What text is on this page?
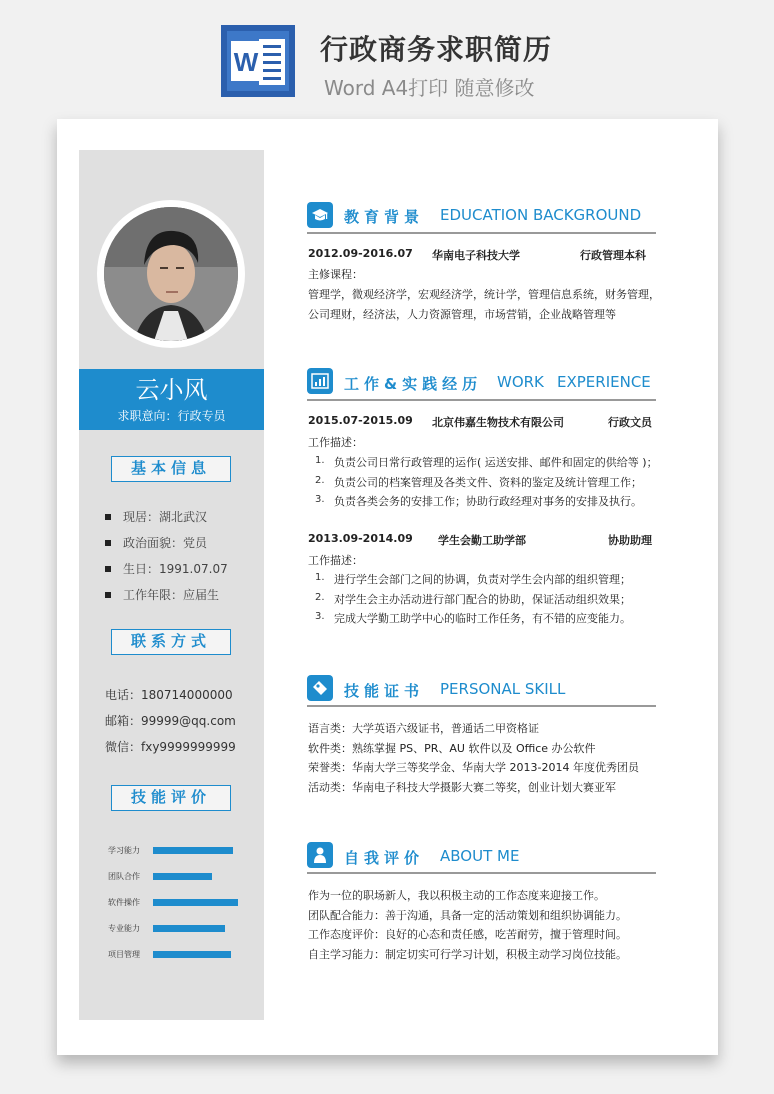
W 行政商务求职简历
Word A4打印 随意修改
云小风
求职意向：行政专员
基本信息
现居：湖北武汉
政治面貌：党员
生日：1991.07.07
工作年限：应届生
联系方式
电话：180714000000
邮箱：99999@qq.com
微信：fxy9999999999
技能评价
学习能力
团队合作
软件操作
专业能力
项目管理
教育背景 EDUCATION BACKGROUND
2012.09-2016.07 华南电子科技大学	行政管理本科
主修课程：
管理学，微观经济学，宏观经济学，统计学，管理信息系统，财务管理，
公司理财，经济法，人力资源管理，市场营销，企业战略管理等
工作&实践经历 WORK EXPERIENCE
2015.07-2015.09 北京伟嘉生物技术有限公司	行政文员
工作描述：
1. 负责公司日常行政管理的运作( 运送安排、邮件和固定的供给等 )；
2. 负责公司的档案管理及各类文件、资料的鉴定及统计管理工作；
3. 负责各类会务的安排工作；协助行政经理对事务的安排及执行。
2013.09-2014.09 学生会勤工助学部	协助助理
工作描述：
1. 进行学生会部门之间的协调，负责对学生会内部的组织管理；
2. 对学生会主办活动进行部门配合的协助，保证活动组织效果；
3. 完成大学勤工助学中心的临时工作任务，有不错的应变能力。
技能证书 PERSONAL SKILL
语言类：大学英语六级证书，普通话二甲资格证
软件类：熟练掌握 PS、PR、AU 软件以及 Office 办公软件
荣誉类：华南大学三等奖学金、华南大学 2013-2014 年度优秀团员
活动类：华南电子科技大学摄影大赛二等奖，创业计划大赛亚军
自我评价 ABOUT ME
作为一位的职场新人，我以积极主动的工作态度来迎接工作。
团队配合能力：善于沟通，具备一定的活动策划和组织协调能力。
工作态度评价：良好的心态和责任感，吃苦耐劳，擅于管理时间。
自主学习能力：制定切实可行学习计划，积极主动学习岗位技能。
